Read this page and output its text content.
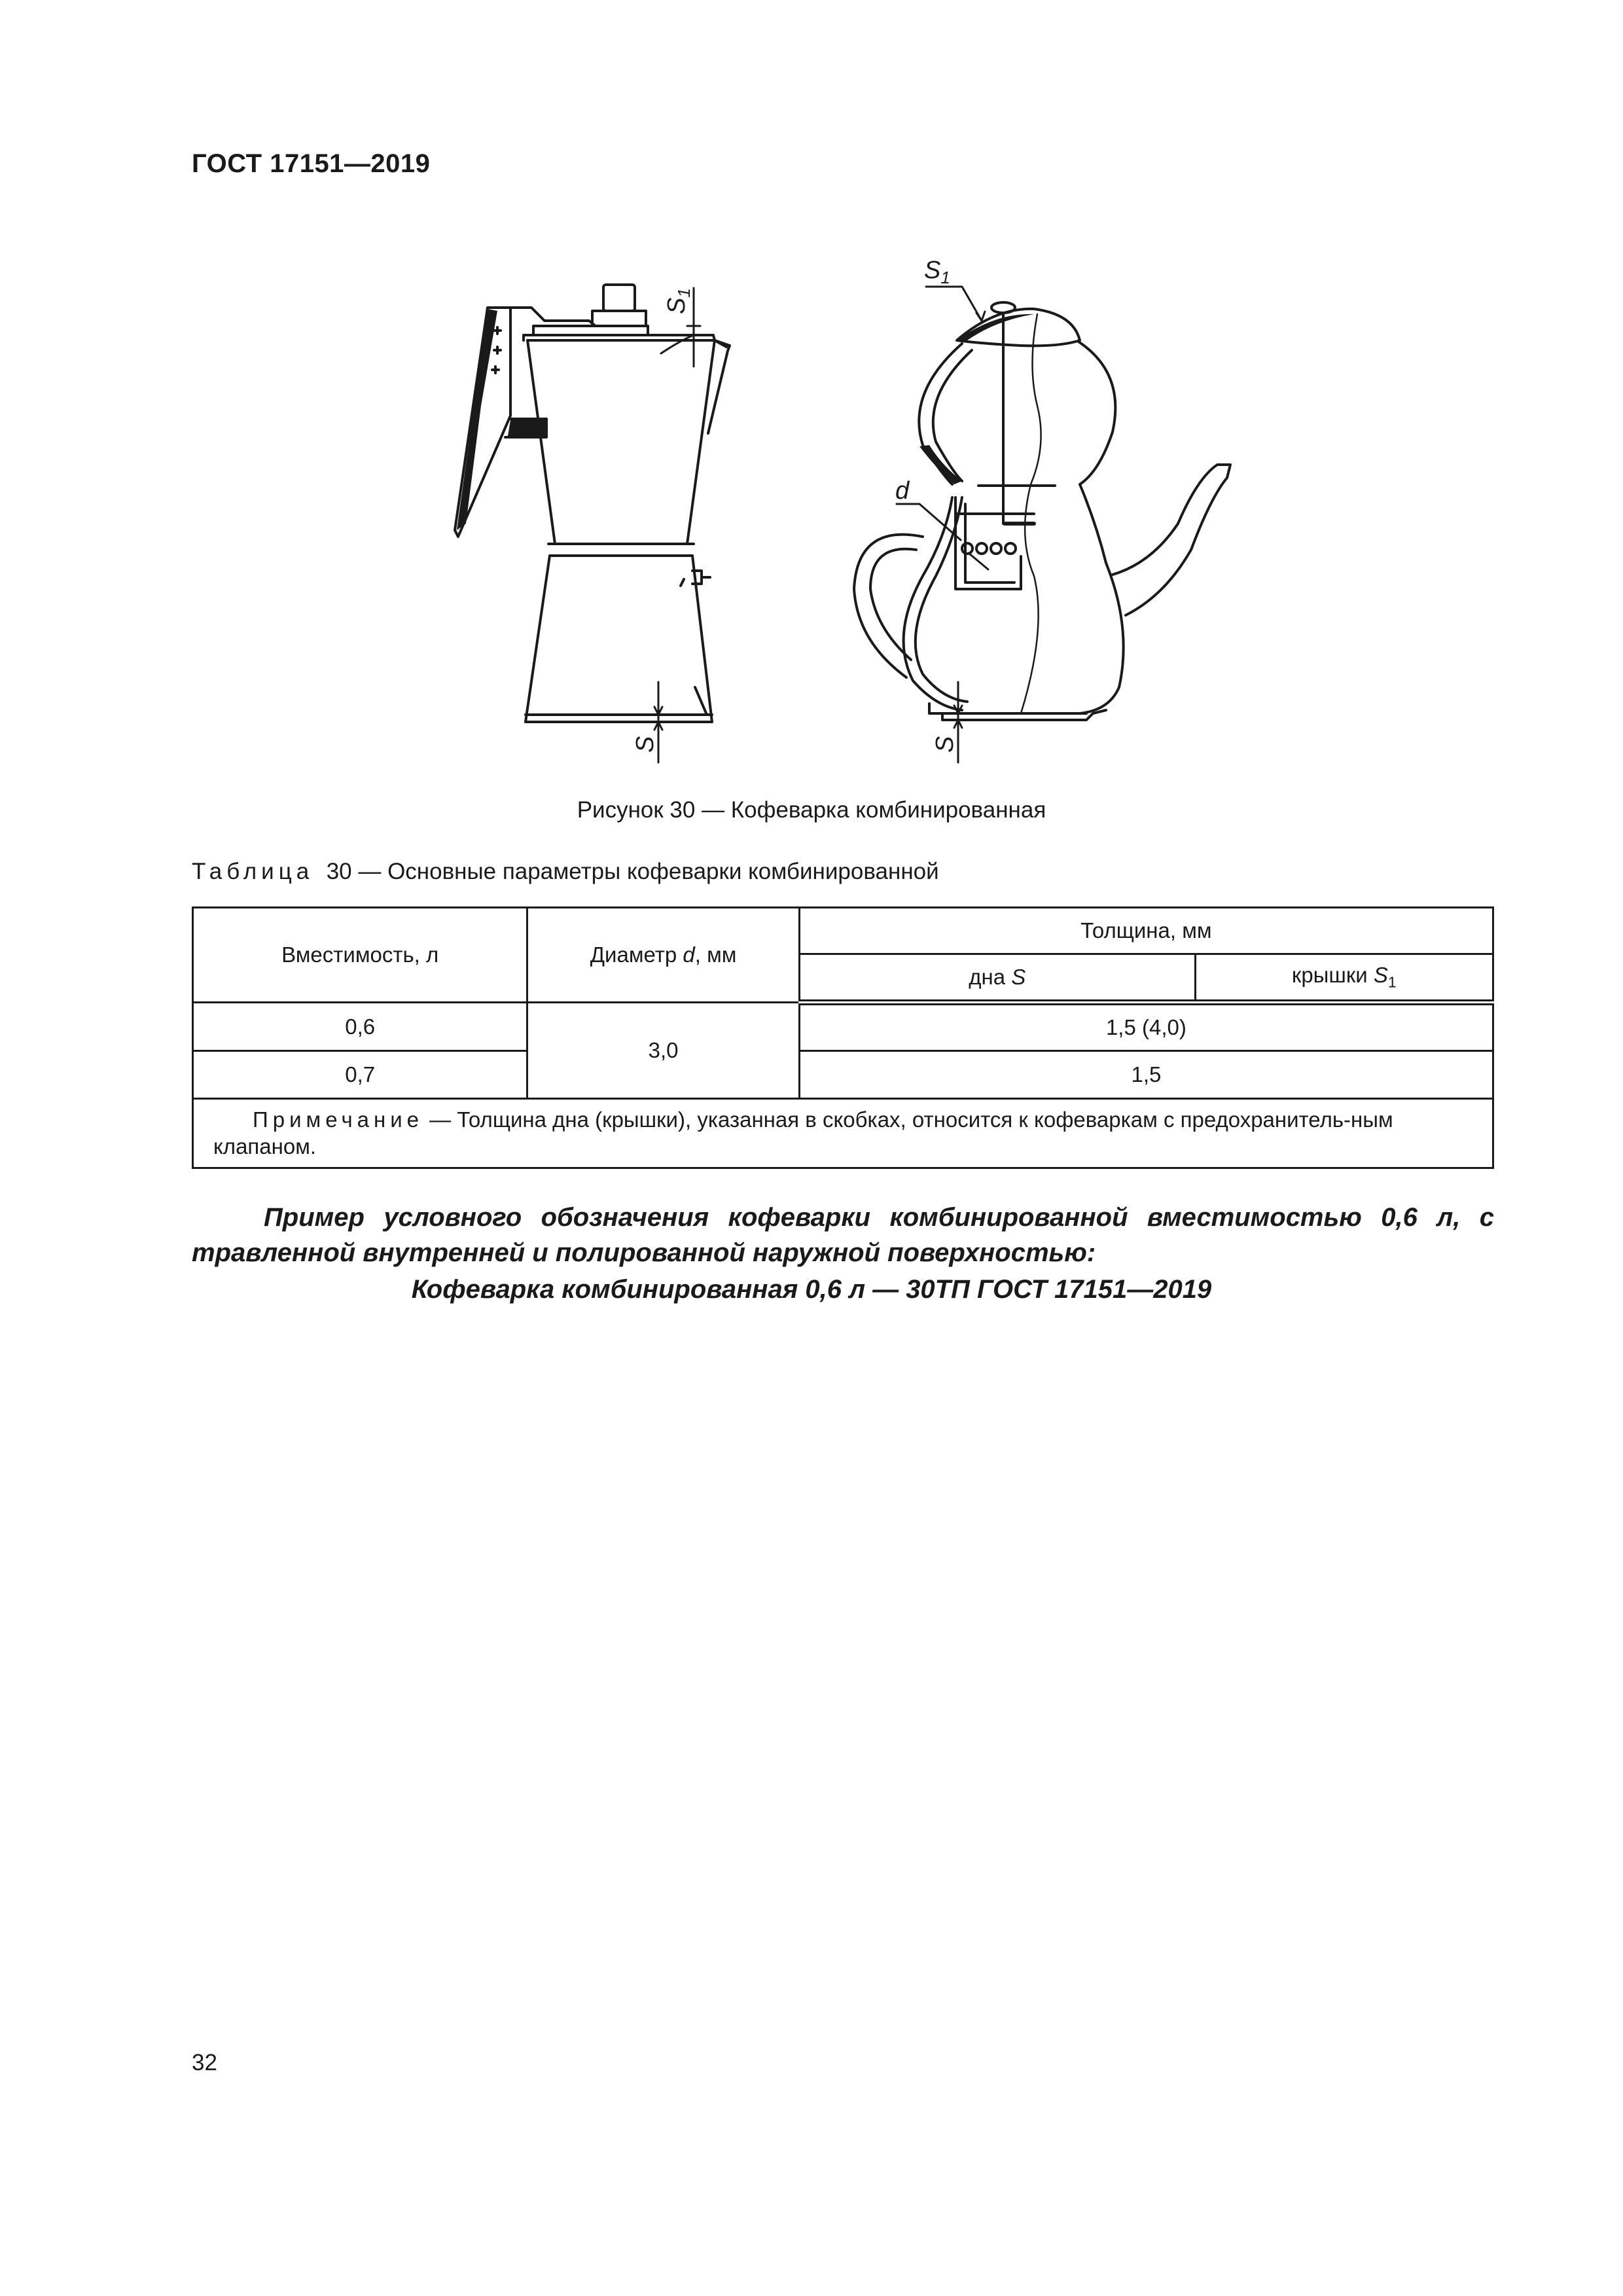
ГОСТ 17151—2019
$S_1$
S
$S_1$
d
S
Рисунок 30 — Кофеварка комбинированная
Таблица 30 — Основные параметры кофеварки комбинированной
Вместимость, л	Диаметр d, мм	Толщина, мм	
		дна S	крышки $S_1$
0,6	3,0	1,5 (4,0)	
0,7		1,5	
Примечание — Толщина дна (крышки), указанная в скобках, относится к кофеваркам с предохранитель-ным клапаном.			
Пример условного обозначения кофеварки комбинированной вместимостью 0,6 л, с травленной внутренней и полированной наружной поверхностью:
Кофеварка комбинированная 0,6 л — 30ТП ГОСТ 17151—2019
32
